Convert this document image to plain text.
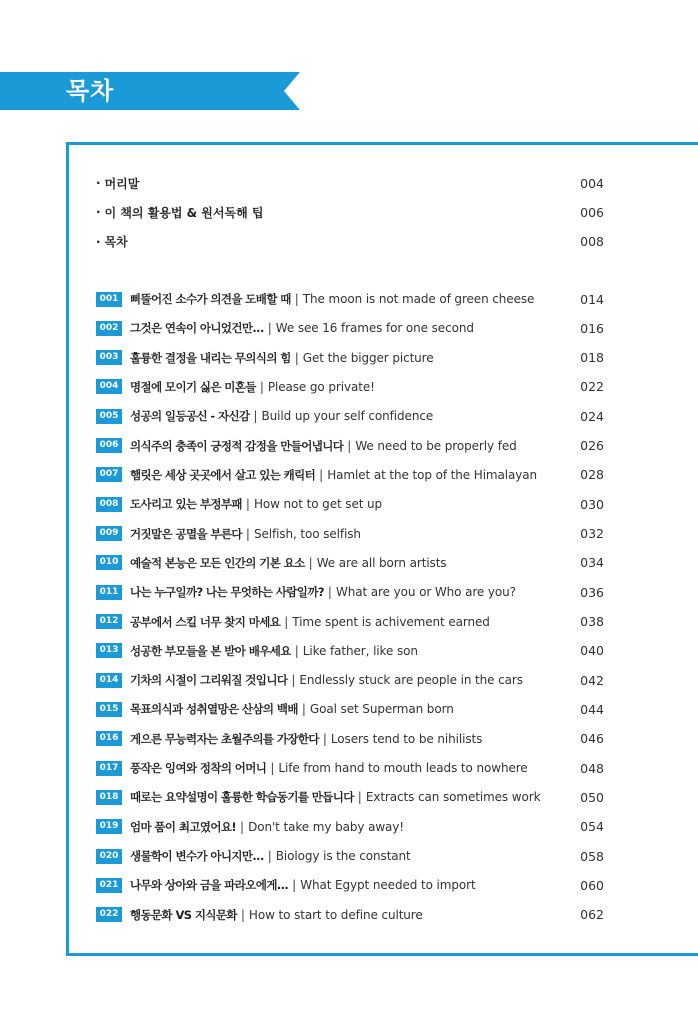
목차
· 머리말	004
· 이 책의 활용법 & 원서독해 팁	006
· 목차	008
001	삐뚤어진 소수가 의견을 도배할 때 | The moon is not made of green cheese	014
002	그것은 연속이 아니었건만... | We see 16 frames for one second	016
003	훌륭한 결정을 내리는 무의식의 힘 | Get the bigger picture	018
004	명절에 모이기 싫은 미혼들 | Please go private!	022
005	성공의 일등공신 - 자신감 | Build up your self confidence	024
006	의식주의 충족이 긍정적 감정을 만들어냅니다 | We need to be properly fed	026
007	햄릿은 세상 곳곳에서 살고 있는 캐릭터 | Hamlet at the top of the Himalayan	028
008	도사리고 있는 부정부패 | How not to get set up	030
009	거짓말은 공멸을 부른다 | Selfish, too selfish	032
010	예술적 본능은 모든 인간의 기본 요소 | We are all born artists	034
011	나는 누구일까? 나는 무엇하는 사람일까? | What are you or Who are you?	036
012	공부에서 스킬 너무 찾지 마세요 | Time spent is achivement earned	038
013	성공한 부모들을 본 받아 배우세요 | Like father, like son	040
014	기차의 시절이 그리워질 것입니다 | Endlessly stuck are people in the cars	042
015	목표의식과 성취열망은 산삼의 백배 | Goal set Superman born	044
016	게으른 무능력자는 초월주의를 가장한다 | Losers tend to be nihilists	046
017	풍작은 잉여와 정착의 어머니 | Life from hand to mouth leads to nowhere	048
018	때로는 요약설명이 훌륭한 학습동기를 만듭니다 | Extracts can sometimes work	050
019	엄마 품이 최고였어요! | Don't take my baby away!	054
020	생물학이 변수가 아니지만... | Biology is the constant	058
021	나무와 상아와 금을 파라오에게... | What Egypt needed to import	060
022	행동문화 VS 지식문화 | How to start to define culture	062
